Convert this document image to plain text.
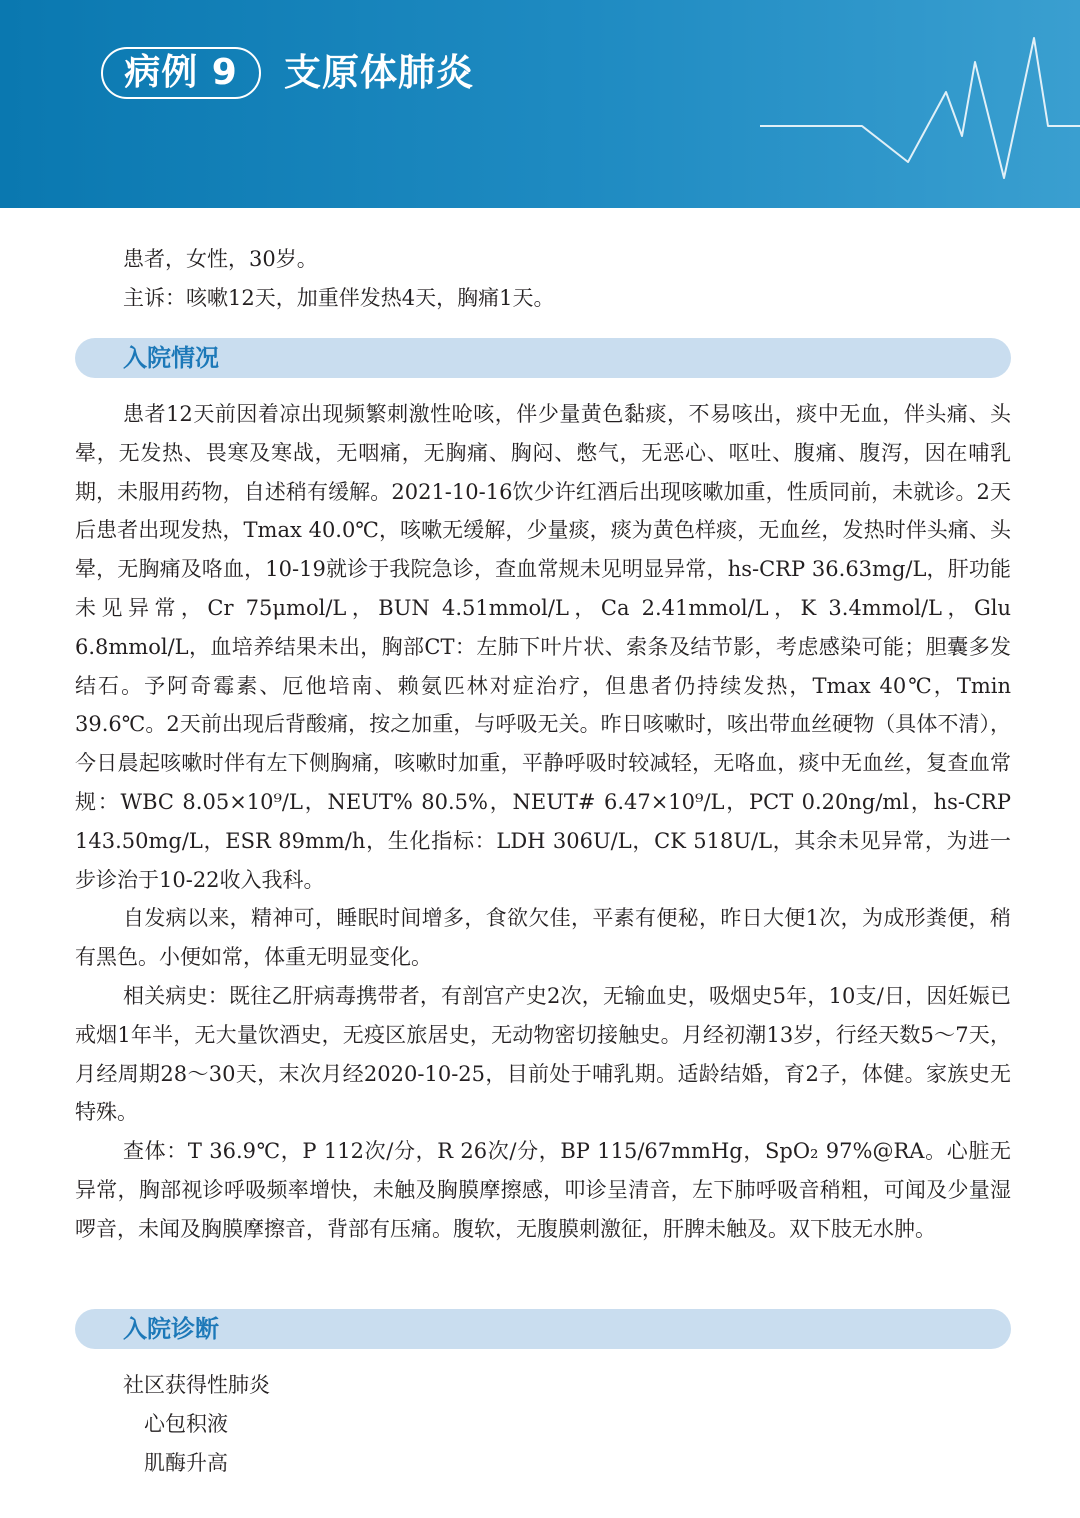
病例 9	支原体肺炎

患者，女性，30岁。

主诉：咳嗽12天，加重伴发热4天，胸痛1天。

入院情况

患者12天前因着凉出现频繁刺激性呛咳，伴少量黄色黏痰，不易咳出，痰中无血，伴头痛、头晕，无发热、畏寒及寒战，无咽痛，无胸痛、胸闷、憋气，无恶心、呕吐、腹痛、腹泻，因在哺乳期，未服用药物，自述稍有缓解。2021-10-16饮少许红酒后出现咳嗽加重，性质同前，未就诊。2天后患者出现发热，Tmax 40.0℃，咳嗽无缓解，少量痰，痰为黄色样痰，无血丝，发热时伴头痛、头晕，无胸痛及咯血，10-19就诊于我院急诊，查血常规未见明显异常，hs-CRP 36.63mg/L，肝功能未见异常，Cr 75μmol/L，BUN 4.51mmol/L，Ca 2.41mmol/L，K 3.4mmol/L，Glu 6.8mmol/L，血培养结果未出，胸部CT：左肺下叶片状、索条及结节影，考虑感染可能；胆囊多发结石。予阿奇霉素、厄他培南、赖氨匹林对症治疗，但患者仍持续发热，Tmax 40℃，Tmin 39.6℃。2天前出现后背酸痛，按之加重，与呼吸无关。昨日咳嗽时，咳出带血丝硬物（具体不清），今日晨起咳嗽时伴有左下侧胸痛，咳嗽时加重，平静呼吸时较减轻，无咯血，痰中无血丝，复查血常规：WBC 8.05×10⁹/L，NEUT% 80.5%，NEUT# 6.47×10⁹/L，PCT 0.20ng/ml，hs-CRP 143.50mg/L，ESR 89mm/h，生化指标：LDH 306U/L，CK 518U/L，其余未见异常，为进一步诊治于10-22收入我科。

自发病以来，精神可，睡眠时间增多，食欲欠佳，平素有便秘，昨日大便1次，为成形粪便，稍有黑色。小便如常，体重无明显变化。

相关病史：既往乙肝病毒携带者，有剖宫产史2次，无输血史，吸烟史5年，10支/日，因妊娠已戒烟1年半，无大量饮酒史，无疫区旅居史，无动物密切接触史。月经初潮13岁，行经天数5～7天，月经周期28～30天，末次月经2020-10-25，目前处于哺乳期。适龄结婚，育2子，体健。家族史无特殊。

查体：T 36.9℃，P 112次/分，R 26次/分，BP 115/67mmHg，SpO₂ 97%@RA。心脏无异常，胸部视诊呼吸频率增快，未触及胸膜摩擦感，叩诊呈清音，左下肺呼吸音稍粗，可闻及少量湿啰音，未闻及胸膜摩擦音，背部有压痛。腹软，无腹膜刺激征，肝脾未触及。双下肢无水肿。

入院诊断
社区获得性肺炎
心包积液
肌酶升高
